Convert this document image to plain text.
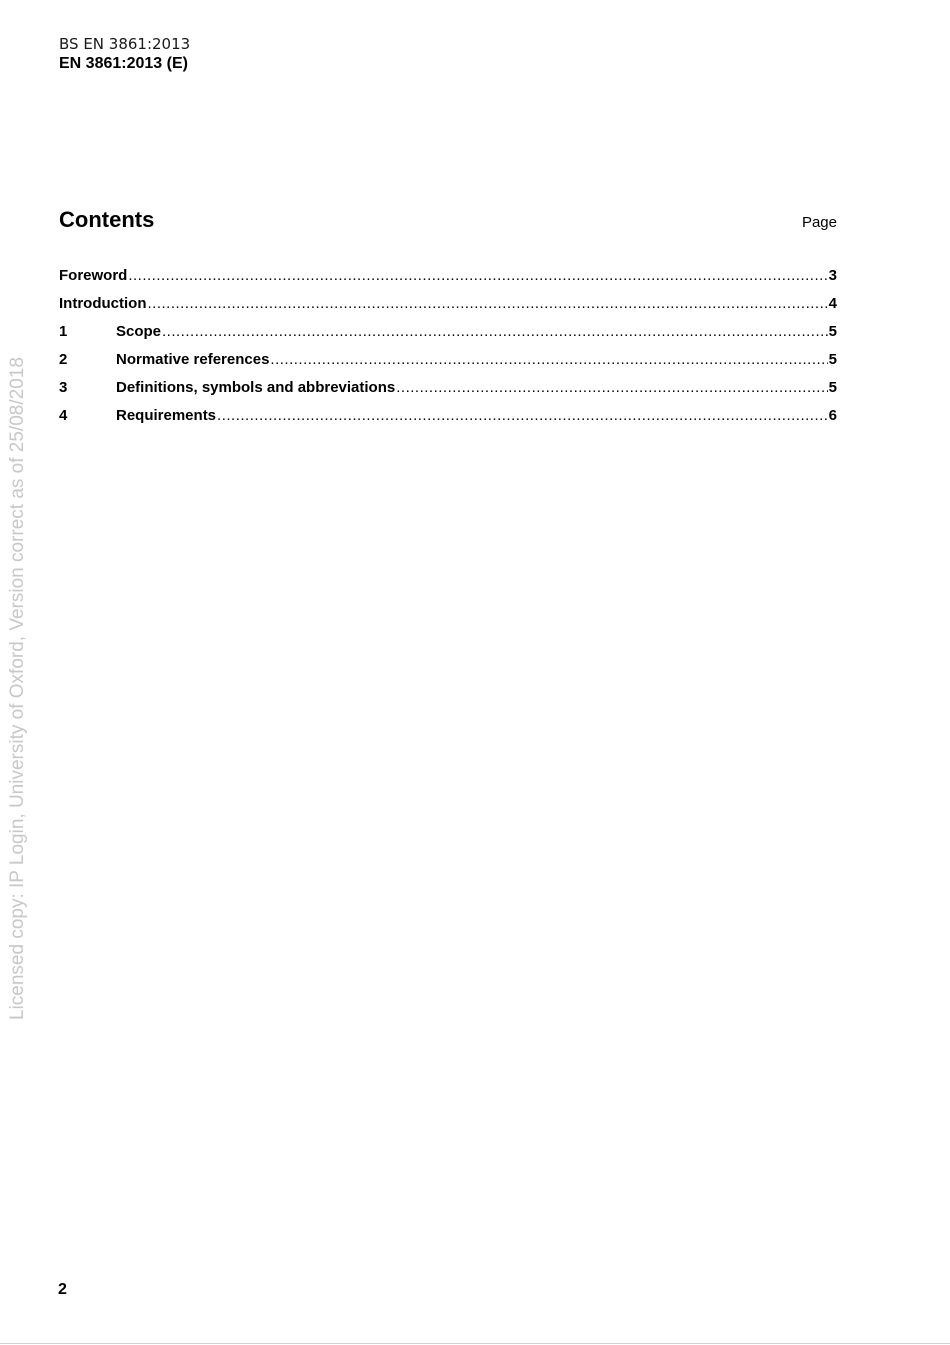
BS EN 3861:2013
EN 3861:2013 (E)
Contents	Page
Foreword .....	3
Introduction .....	4
1	Scope .....	5
2	Normative references .....	5
3	Definitions, symbols and abbreviations .....	5
4	Requirements .....	6
Licensed copy: IP Login, University of Oxford, Version correct as of 25/08/2018
2
